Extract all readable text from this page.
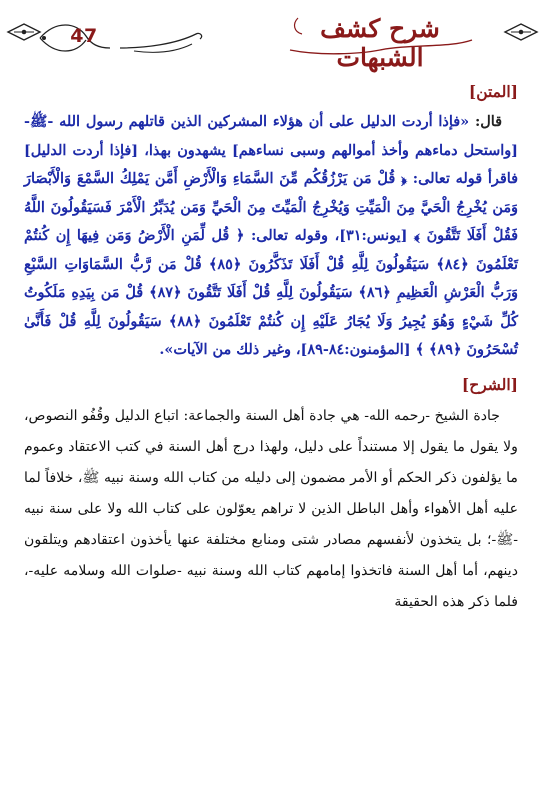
47	شرح كشف الشبهات
[المتن]

قال: «فإذا أردت الدليل على أن هؤلاء المشركين الذين قاتلهم رسول الله -ﷺ- [واستحل دماءهم وأخذ أموالهم وسبى نساءهم] يشهدون بهذا، [فإذا أردت الدليل] فاقرأ قوله تعالى: ﴿ قُلْ مَن يَرْزُقُكُم مِّنَ السَّمَاءِ وَالْأَرْضِ أَمَّن يَمْلِكُ السَّمْعَ وَالْأَبْصَارَ وَمَن يُخْرِجُ الْحَيَّ مِنَ الْمَيِّتِ وَيُخْرِجُ الْمَيِّتَ مِنَ الْحَيِّ وَمَن يُدَبِّرُ الْأَمْرَ فَسَيَقُولُونَ اللَّهُ فَقُلْ أَفَلَا تَتَّقُونَ ﴾ [يونس:٣١]، وقوله تعالى: ﴿ قُل لِّمَنِ الْأَرْضُ وَمَن فِيهَا إِن كُنتُمْ تَعْلَمُونَ ﴿٨٤﴾ سَيَقُولُونَ لِلَّهِ قُلْ أَفَلَا تَذَكَّرُونَ ﴿٨٥﴾ قُلْ مَن رَّبُّ السَّمَاوَاتِ السَّبْعِ وَرَبُّ الْعَرْشِ الْعَظِيمِ ﴿٨٦﴾ سَيَقُولُونَ لِلَّهِ قُلْ أَفَلَا تَتَّقُونَ ﴿٨٧﴾ قُلْ مَن بِيَدِهِ مَلَكُوتُ كُلِّ شَيْءٍ وَهُوَ يُجِيرُ وَلَا يُجَارُ عَلَيْهِ إِن كُنتُمْ تَعْلَمُونَ ﴿٨٨﴾ سَيَقُولُونَ لِلَّهِ قُلْ فَأَنَّىٰ تُسْحَرُونَ ﴿٨٩﴾ ﴾ [المؤمنون:٨٤-٨٩]، وغير ذلك من الآيات».

[الشرح]

جادة الشيخ -رحمه الله- هي جادة أهل السنة والجماعة: اتباع الدليل وقُفُو النصوص، ولا يقول ما يقول إلا مستنداً على دليل، ولهذا درج أهل السنة في كتب الاعتقاد وعموم ما يؤلفون ذكر الحكم أو الأمر مضمون إلى دليله من كتاب الله وسنة نبيه ﷺ، خلافاً لما عليه أهل الأهواء وأهل الباطل الذين لا تراهم يعوّلون على كتاب الله ولا على سنة نبيه -ﷺ-؛ بل يتخذون لأنفسهم مصادر شتى ومنابع مختلفة عنها يأخذون اعتقادهم ويتلقون دينهم، أما أهل السنة فاتخذوا إمامهم كتاب الله وسنة نبيه -صلوات الله وسلامه عليه-، فلما ذكر هذه الحقيقة
